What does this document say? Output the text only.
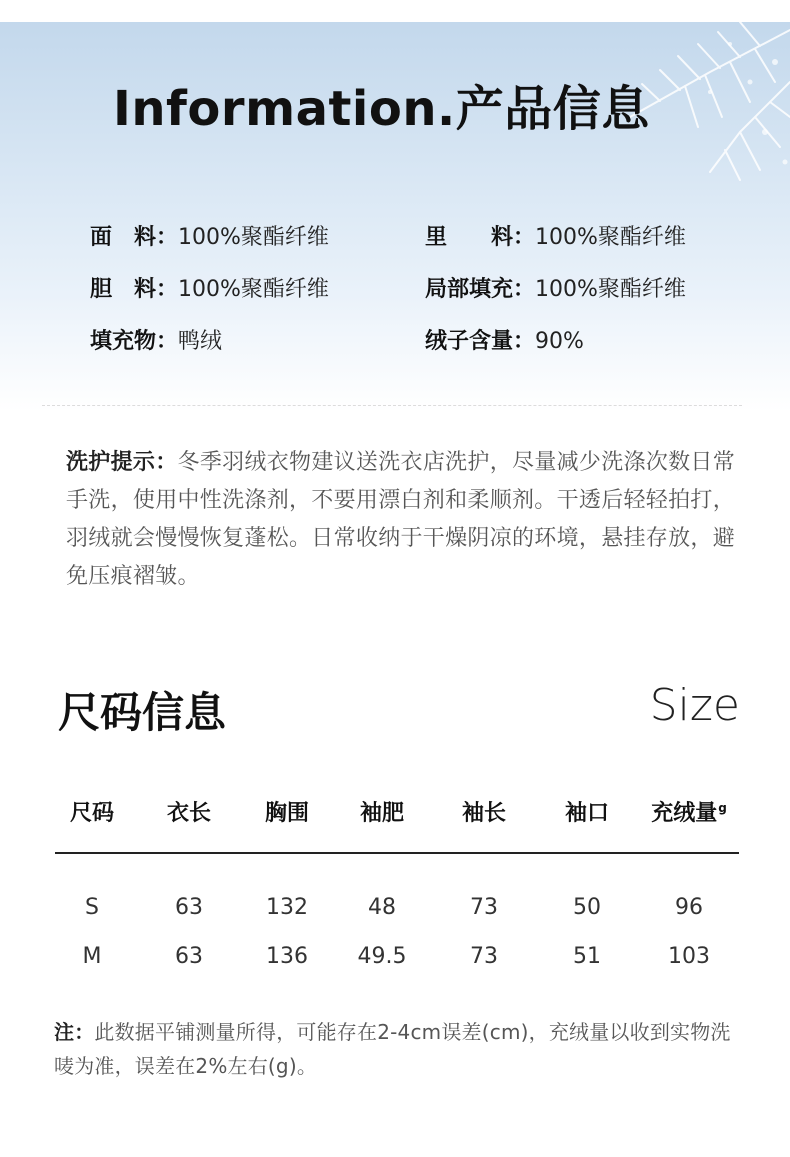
Information.产品信息
面　料：100%聚酯纤维	里　　料：100%聚酯纤维
胆　料：100%聚酯纤维	局部填充：100%聚酯纤维
填充物：鸭绒	绒子含量：90%

洗护提示：冬季羽绒衣物建议送洗衣店洗护，尽量减少洗涤次数日常手洗，使用中性洗涤剂，不要用漂白剂和柔顺剂。干透后轻轻拍打，羽绒就会慢慢恢复蓬松。日常收纳于干燥阴凉的环境，悬挂存放，避免压痕褶皱。

尺码信息	Size
尺码	衣长	胸围	袖肥	袖长	袖口	充绒量$^g$
S	63	132	48	73	50	96
M	63	136	49.5	73	51	103

注：此数据平铺测量所得，可能存在2-4cm误差(cm)，充绒量以收到实物洗唛为准，误差在2%左右(g)。
